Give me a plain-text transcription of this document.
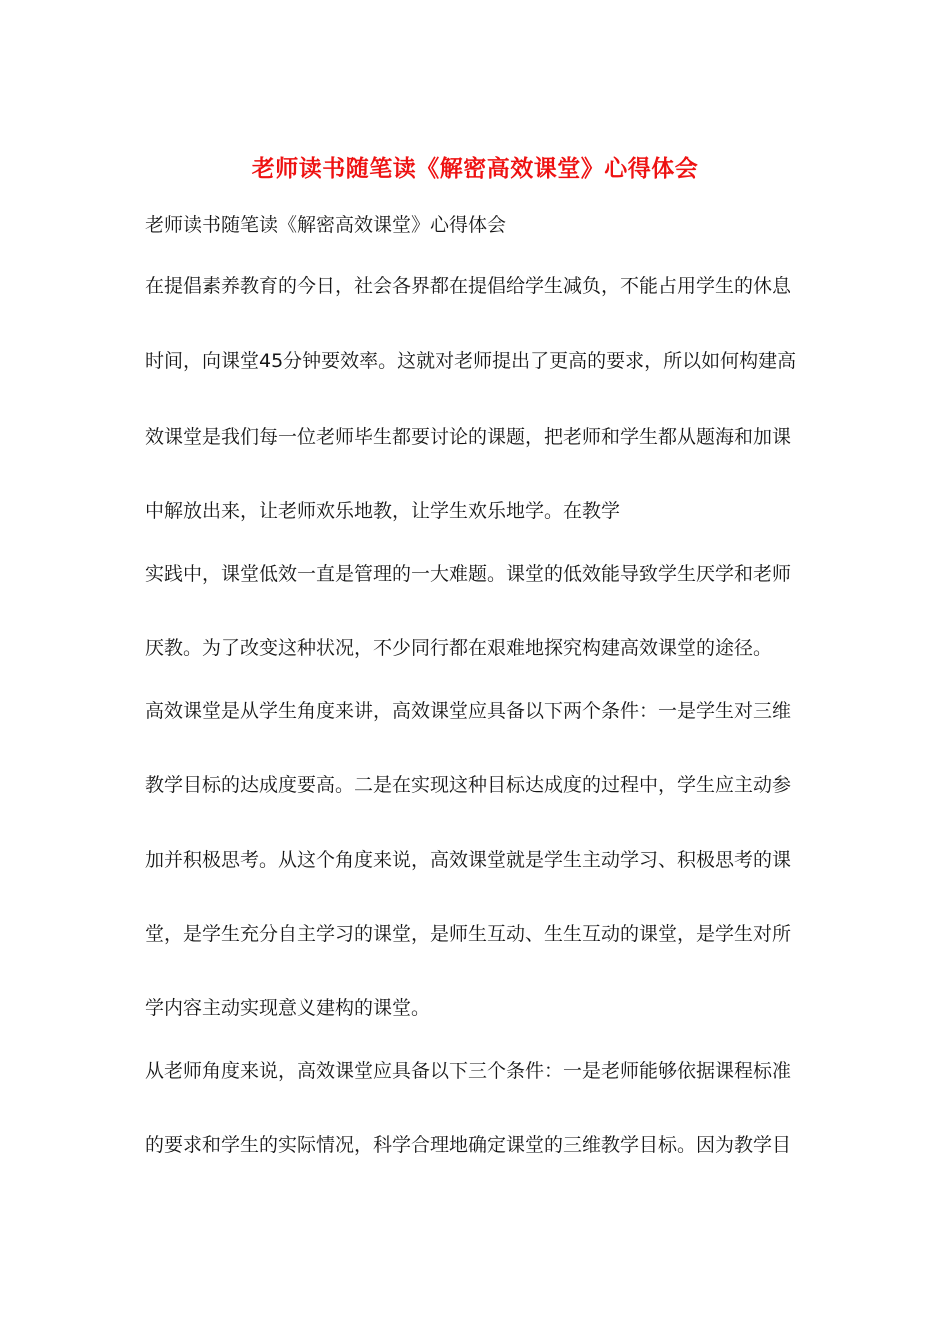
老师读书随笔读《解密高效课堂》心得体会
老师读书随笔读《解密高效课堂》心得体会
在提倡素养教育的今日，社会各界都在提倡给学生减负，不能占用学生的休息
时间，向课堂45分钟要效率。这就对老师提出了更高的要求，所以如何构建高
效课堂是我们每一位老师毕生都要讨论的课题，把老师和学生都从题海和加课
中解放出来，让老师欢乐地教，让学生欢乐地学。在教学
实践中，课堂低效一直是管理的一大难题。课堂的低效能导致学生厌学和老师
厌教。为了改变这种状况，不少同行都在艰难地探究构建高效课堂的途径。
高效课堂是从学生角度来讲，高效课堂应具备以下两个条件：一是学生对三维
教学目标的达成度要高。二是在实现这种目标达成度的过程中，学生应主动参
加并积极思考。从这个角度来说，高效课堂就是学生主动学习、积极思考的课
堂，是学生充分自主学习的课堂，是师生互动、生生互动的课堂，是学生对所
学内容主动实现意义建构的课堂。
从老师角度来说，高效课堂应具备以下三个条件：一是老师能够依据课程标准
的要求和学生的实际情况，科学合理地确定课堂的三维教学目标。因为教学目
